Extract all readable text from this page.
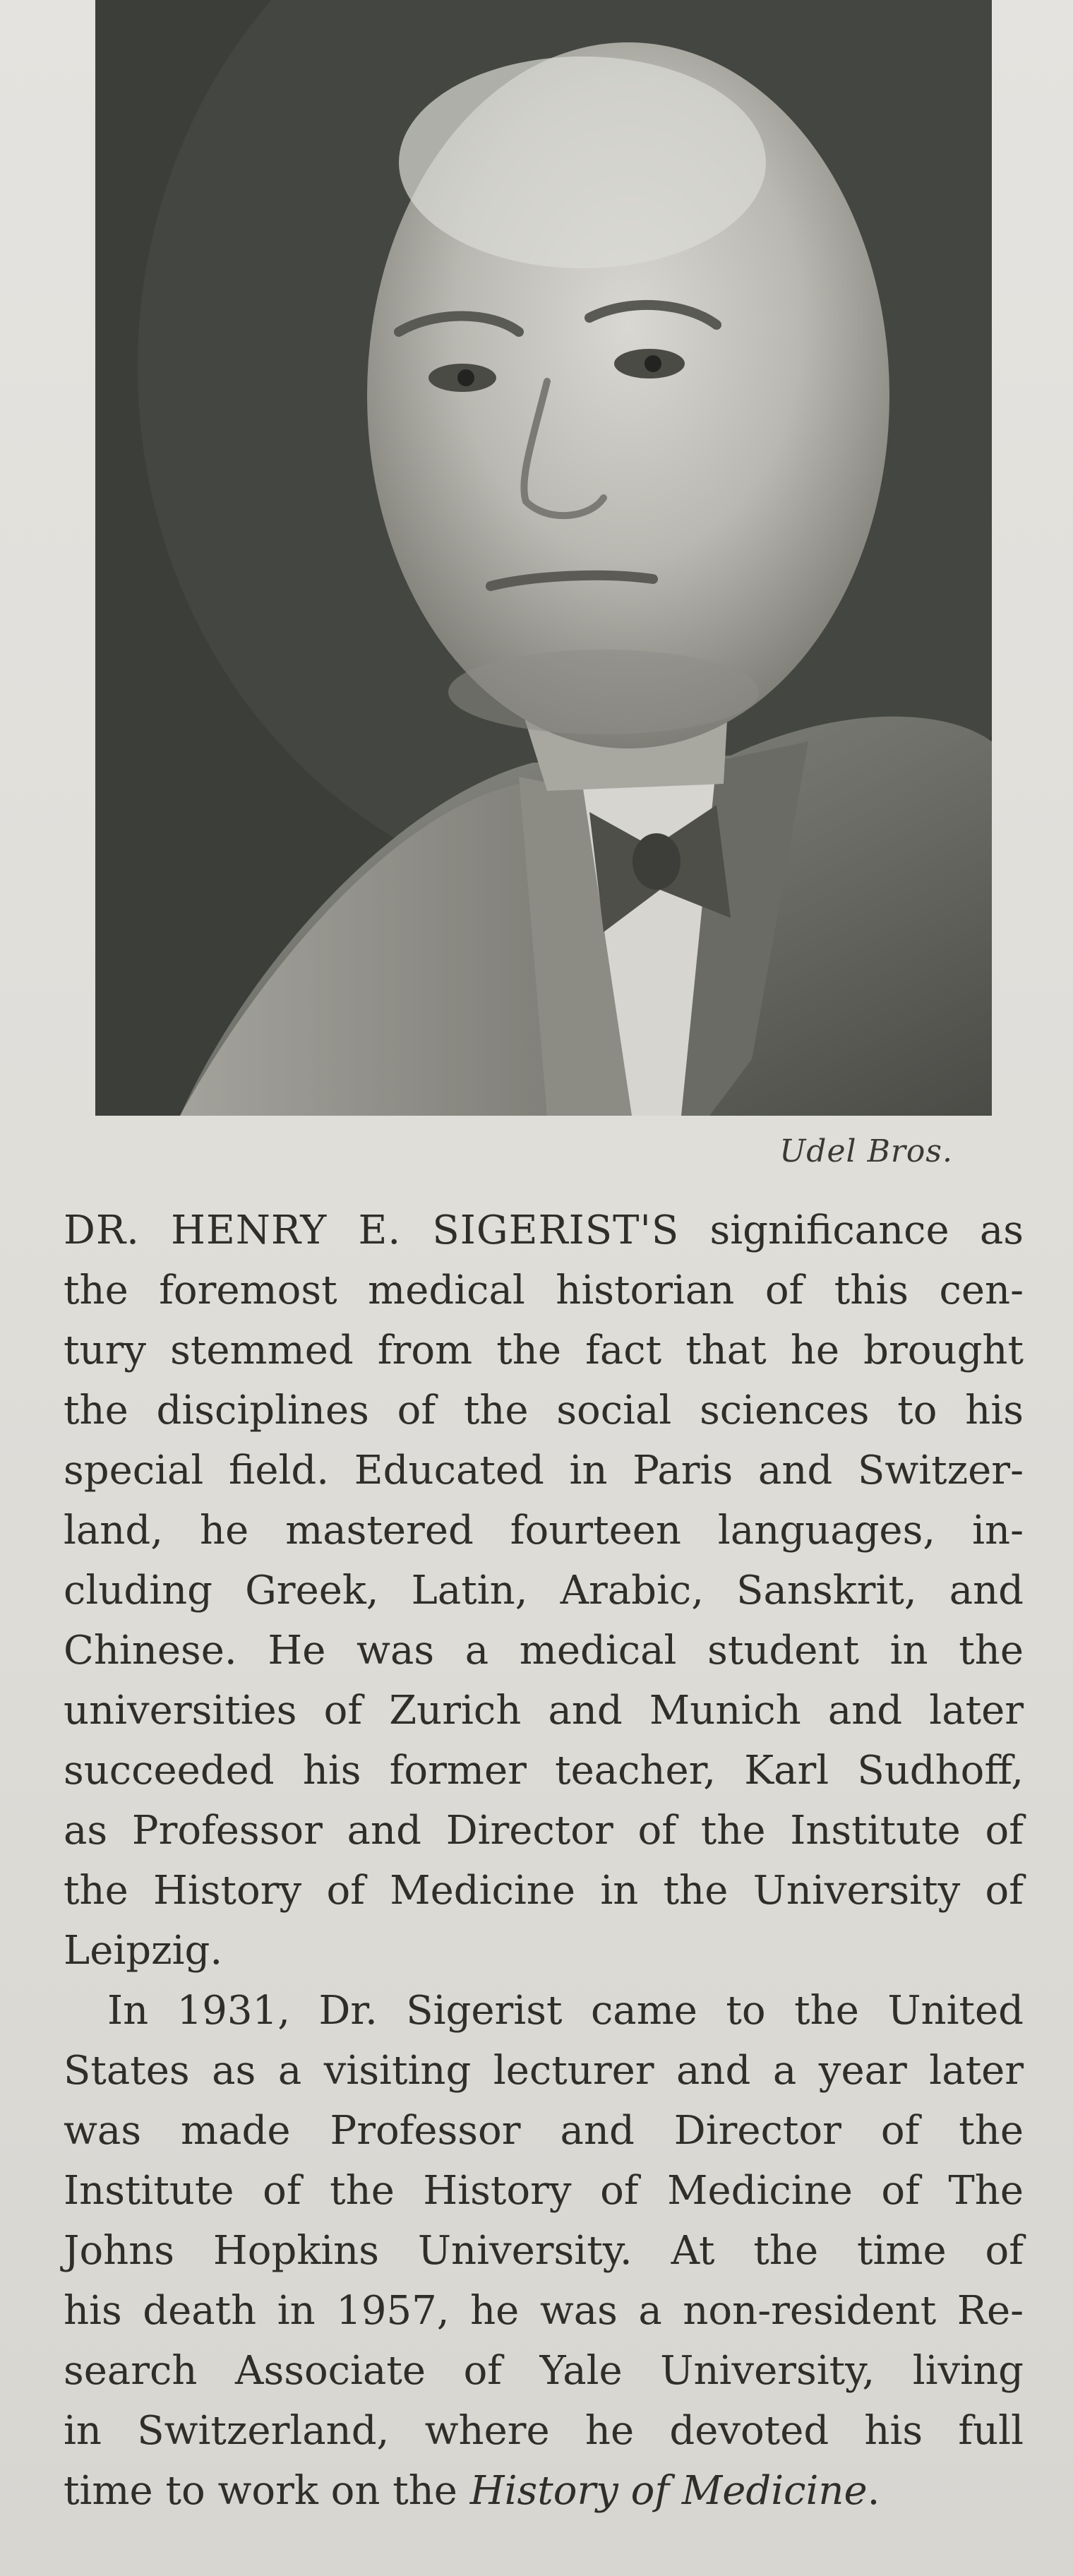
Udel Bros.
DR. HENRY E. SIGERIST'S significance as
the foremost medical historian of this cen-
tury stemmed from the fact that he brought
the disciplines of the social sciences to his
special field. Educated in Paris and Switzer-
land, he mastered fourteen languages, in-
cluding Greek, Latin, Arabic, Sanskrit, and
Chinese. He was a medical student in the
universities of Zurich and Munich and later
succeeded his former teacher, Karl Sudhoff,
as Professor and Director of the Institute of
the History of Medicine in the University of
Leipzig.
In 1931, Dr. Sigerist came to the United
States as a visiting lecturer and a year later
was made Professor and Director of the
Institute of the History of Medicine of The
Johns Hopkins University. At the time of
his death in 1957, he was a non-resident Re-
search Associate of Yale University, living
in Switzerland, where he devoted his full
time to work on the History of Medicine.
